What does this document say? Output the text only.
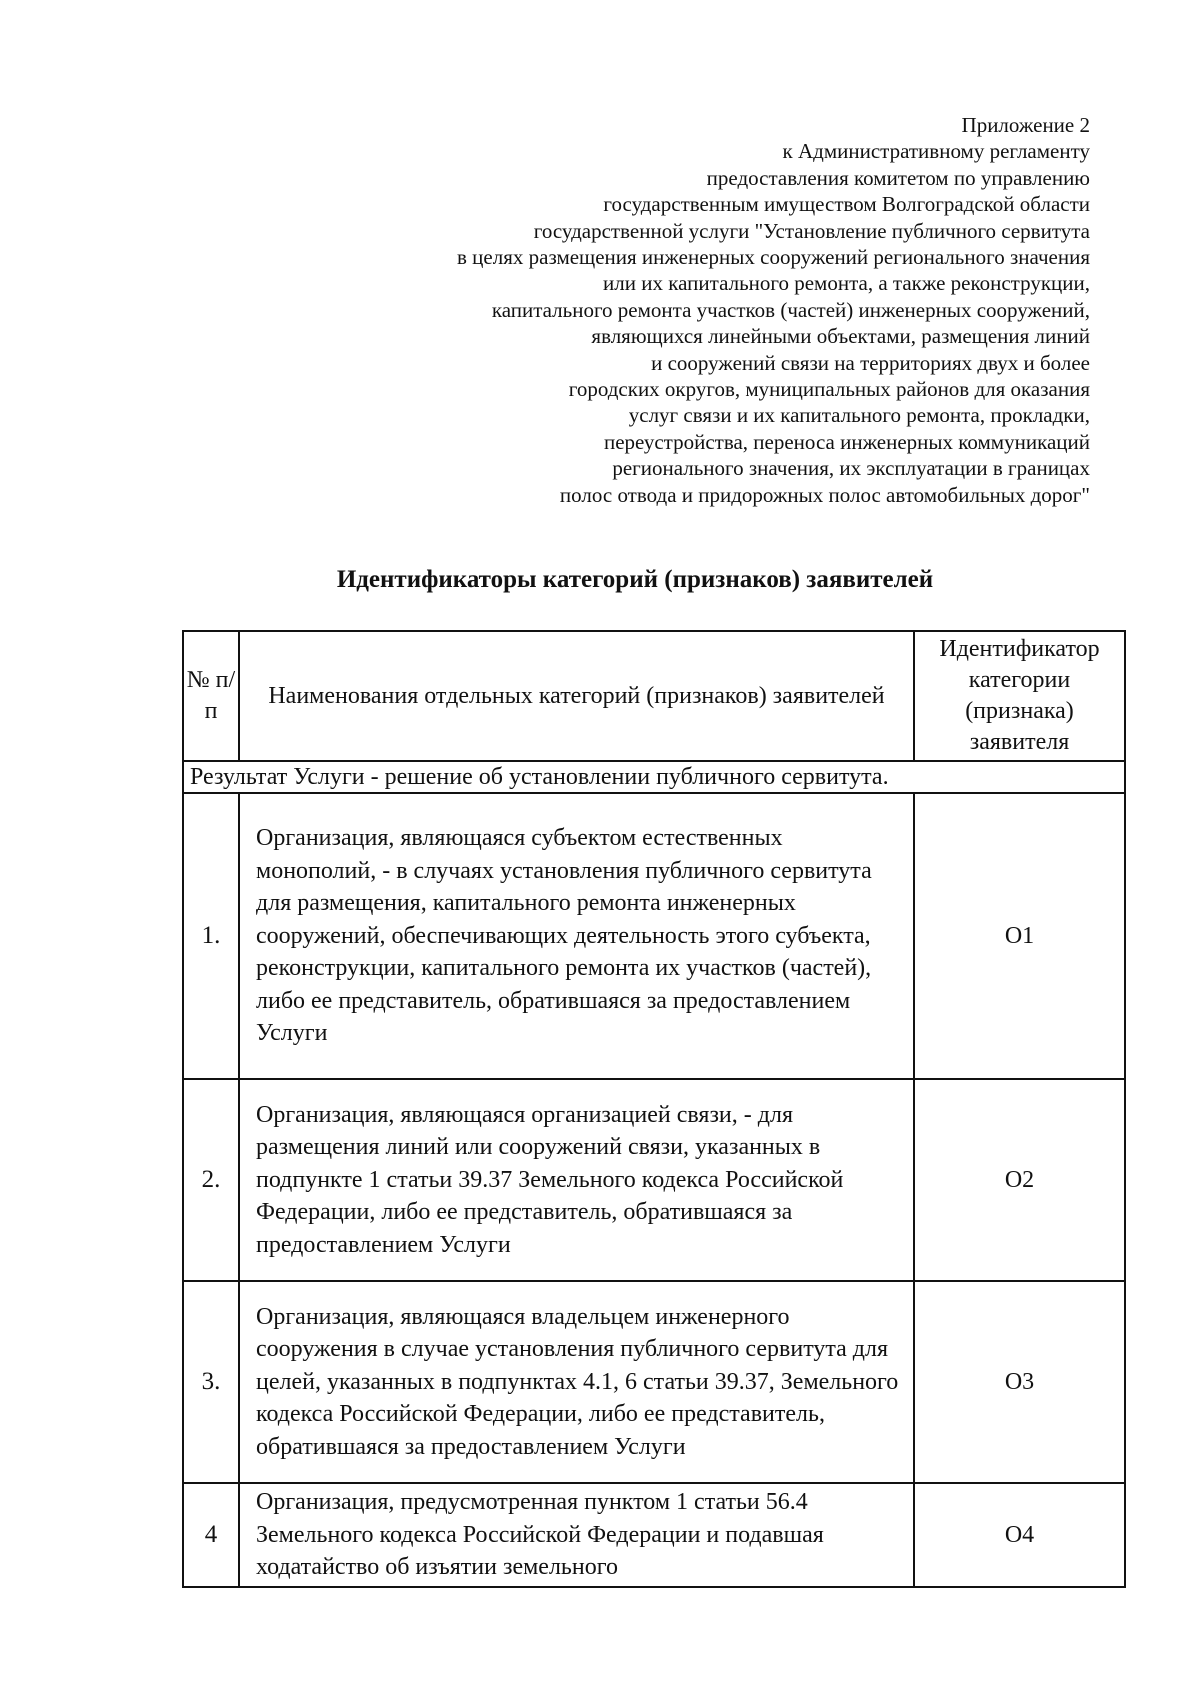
Приложение 2
к Административному регламенту
предоставления комитетом по управлению
государственным имуществом Волгоградской области
государственной услуги "Установление публичного сервитута
в целях размещения инженерных сооружений регионального значения
или их капитального ремонта, а также реконструкции,
капитального ремонта участков (частей) инженерных сооружений,
являющихся линейными объектами, размещения линий
и сооружений связи на территориях двух и более
городских округов, муниципальных районов для оказания
услуг связи и их капитального ремонта, прокладки,
переустройства, переноса инженерных коммуникаций
регионального значения, их эксплуатации в границах
полос отвода и придорожных полос автомобильных дорог"
Идентификаторы категорий (признаков) заявителей
№ п/п	Наименования отдельных категорий (признаков) заявителей	Идентификатор категории (признака) заявителя
Результат Услуги - решение об установлении публичного сервитута.		
1.	Организация, являющаяся субъектом естественных монополий, - в случаях установления публичного сервитута для размещения, капитального ремонта инженерных сооружений, обеспечивающих деятельность этого субъекта, реконструкции, капитального ремонта их участков (частей), либо ее представитель, обратившаяся за предоставлением Услуги	О1
2.	Организация, являющаяся организацией связи, - для размещения линий или сооружений связи, указанных в подпункте 1 статьи 39.37 Земельного кодекса Российской Федерации, либо ее представитель, обратившаяся за предоставлением Услуги	О2
3.	Организация, являющаяся владельцем инженерного сооружения в случае установления публичного сервитута для целей, указанных в подпунктах 4.1, 6 статьи 39.37, Земельного кодекса Российской Федерации, либо ее представитель, обратившаяся за предоставлением Услуги	О3
4	Организация, предусмотренная пунктом 1 статьи 56.4 Земельного кодекса Российской Федерации и подавшая ходатайство об изъятии земельного	О4
